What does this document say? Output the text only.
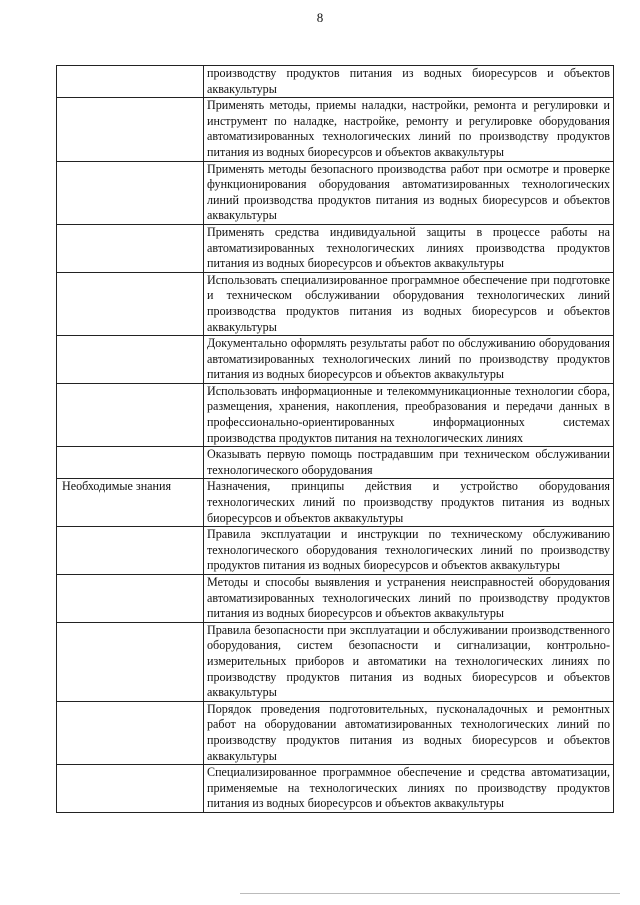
8
	производству продуктов питания из водных биоресурсов и объектов аквакультуры
	Применять методы, приемы наладки, настройки, ремонта и регулировки и инструмент по наладке, настройке, ремонту и регулировке оборудования автоматизированных технологических линий по производству продуктов питания из водных биоресурсов и объектов аквакультуры
	Применять методы безопасного производства работ при осмотре и проверке функционирования оборудования автоматизированных технологических линий производства продуктов питания из водных биоресурсов и объектов аквакультуры
	Применять средства индивидуальной защиты в процессе работы на автоматизированных технологических линиях производства продуктов питания из водных биоресурсов и объектов аквакультуры
	Использовать специализированное программное обеспечение при подготовке и техническом обслуживании оборудования технологических линий производства продуктов питания из водных биоресурсов и объектов аквакультуры
	Документально оформлять результаты работ по обслуживанию оборудования автоматизированных технологических линий по производству продуктов питания из водных биоресурсов и объектов аквакультуры
	Использовать информационные и телекоммуникационные технологии сбора, размещения, хранения, накопления, преобразования и передачи данных в профессионально-ориентированных информационных системах производства продуктов питания на технологических линиях
	Оказывать первую помощь пострадавшим при техническом обслуживании технологического оборудования
Необходимые знания	Назначения, принципы действия и устройство оборудования технологических линий по производству продуктов питания из водных биоресурсов и объектов аквакультуры
	Правила эксплуатации и инструкции по техническому обслуживанию технологического оборудования технологических линий по производству продуктов питания из водных биоресурсов и объектов аквакультуры
	Методы и способы выявления и устранения неисправностей оборудования автоматизированных технологических линий по производству продуктов питания из водных биоресурсов и объектов аквакультуры
	Правила безопасности при эксплуатации и обслуживании производственного оборудования, систем безопасности и сигнализации, контрольно-измерительных приборов и автоматики на технологических линиях по производству продуктов питания из водных биоресурсов и объектов аквакультуры
	Порядок проведения подготовительных, пусконаладочных и ремонтных работ на оборудовании автоматизированных технологических линий по производству продуктов питания из водных биоресурсов и объектов аквакультуры
	Специализированное программное обеспечение и средства автоматизации, применяемые на технологических линиях по производству продуктов питания из водных биоресурсов и объектов аквакультуры
